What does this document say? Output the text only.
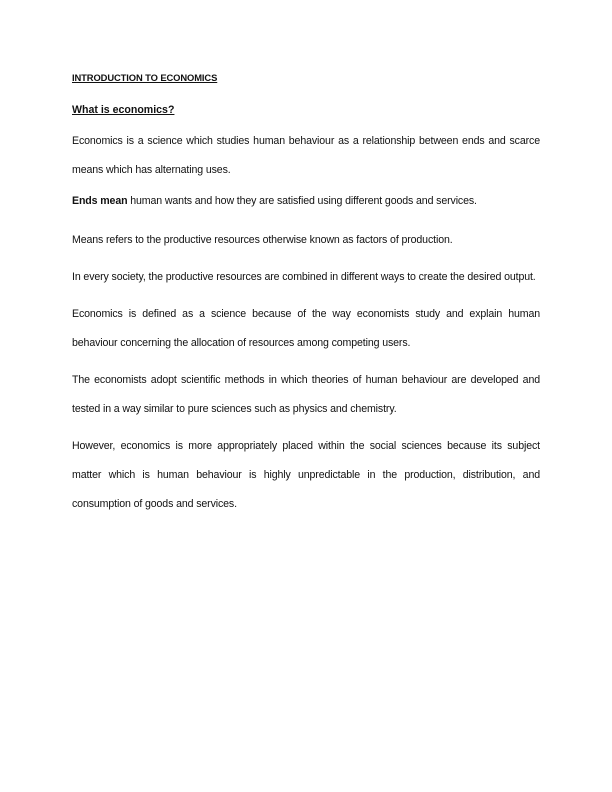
INTRODUCTION TO ECONOMICS

What is economics?

Economics is a science which studies human behaviour as a relationship between ends and scarce means which has alternating uses.

Ends mean human wants and how they are satisfied using different goods and services.

Means refers to the productive resources otherwise known as factors of production.

In every society, the productive resources are combined in different ways to create the desired output.

Economics is defined as a science because of the way economists study and explain human behaviour concerning the allocation of resources among competing users.

The economists adopt scientific methods in which theories of human behaviour are developed and tested in a way similar to pure sciences such as physics and chemistry.

However, economics is more appropriately placed within the social sciences because its subject matter which is human behaviour is highly unpredictable in the production, distribution, and consumption of goods and services.
